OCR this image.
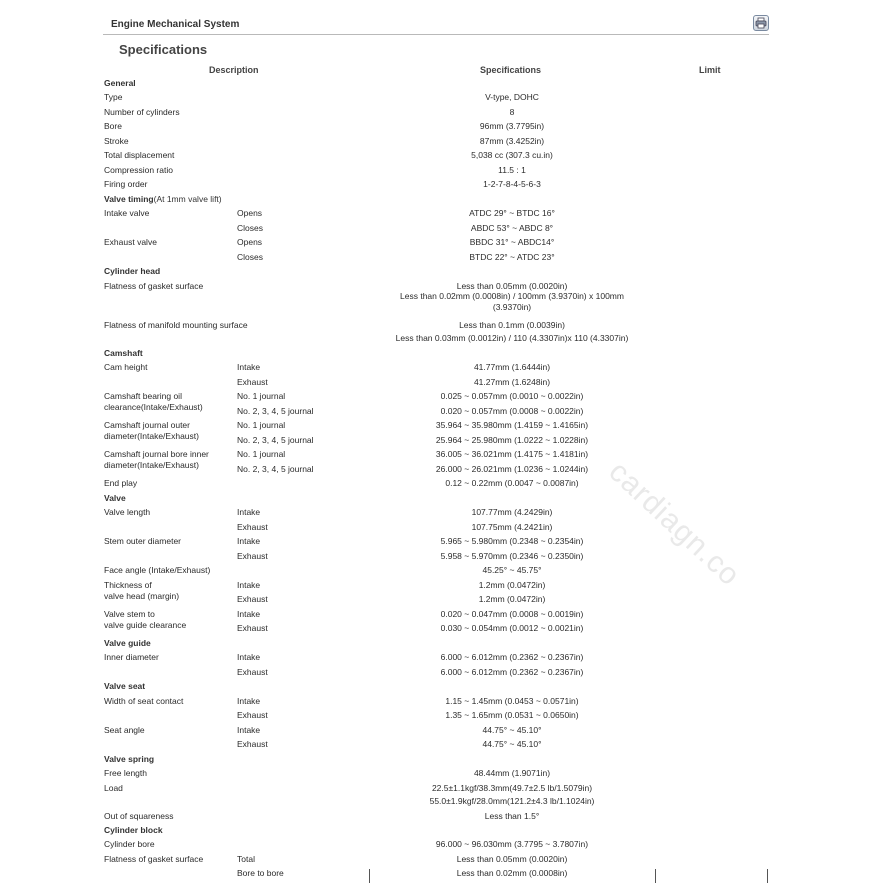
Engine Mechanical System
Specifications
Description	Specifications	Limit
General
Type	V-type, DOHC
Number of cylinders	8
Bore	96mm (3.7795in)
Stroke	87mm (3.4252in)
Total displacement	5,038 cc (307.3 cu.in)
Compression ratio	11.5 : 1
Firing order	1-2-7-8-4-5-6-3
Valve timing(At 1mm valve lift)
Intake valve	Opens	ATDC 29° ~ BTDC 16°
Closes	ABDC 53° ~ ABDC 8°
Exhaust valve	Opens	BBDC 31° ~ ABDC14°
Closes	BTDC 22° ~ ATDC 23°
Cylinder head
Flatness of gasket surface	Less than 0.05mm (0.0020in)
Less than 0.02mm (0.0008in) / 100mm (3.9370in) x 100mm
(3.9370in)
Flatness of manifold mounting surface	Less than 0.1mm (0.0039in)
Less than 0.03mm (0.0012in) / 110 (4.3307in)x 110 (4.3307in)
Camshaft
Cam height	Intake	41.77mm (1.6444in)
Exhaust	41.27mm (1.6248in)
Camshaft bearing oil
clearance(Intake/Exhaust)
No. 1 journal	0.025 ~ 0.057mm (0.0010 ~ 0.0022in)
No. 2, 3, 4, 5 journal	0.020 ~ 0.057mm (0.0008 ~ 0.0022in)
Camshaft journal outer
diameter(Intake/Exhaust)
No. 1 journal	35.964 ~ 35.980mm (1.4159 ~ 1.4165in)
No. 2, 3, 4, 5 journal	25.964 ~ 25.980mm (1.0222 ~ 1.0228in)
Camshaft journal bore inner
diameter(Intake/Exhaust)
No. 1 journal	36.005 ~ 36.021mm (1.4175 ~ 1.4181in)
No. 2, 3, 4, 5 journal	26.000 ~ 26.021mm (1.0236 ~ 1.0244in)
End play	0.12 ~ 0.22mm (0.0047 ~ 0.0087in)
Valve
Valve length	Intake	107.77mm (4.2429in)
Exhaust	107.75mm (4.2421in)
Stem outer diameter	Intake	5.965 ~ 5.980mm (0.2348 ~ 0.2354in)
Exhaust	5.958 ~ 5.970mm (0.2346 ~ 0.2350in)
Face angle (Intake/Exhaust)	45.25° ~ 45.75°
Thickness of
valve head (margin)
Intake	1.2mm (0.0472in)
Exhaust	1.2mm (0.0472in)
Valve stem to
valve guide clearance
Intake	0.020 ~ 0.047mm (0.0008 ~ 0.0019in)
Exhaust	0.030 ~ 0.054mm (0.0012 ~ 0.0021in)
Valve guide
Inner diameter	Intake	6.000 ~ 6.012mm (0.2362 ~ 0.2367in)
Exhaust	6.000 ~ 6.012mm (0.2362 ~ 0.2367in)
Valve seat
Width of seat contact	Intake	1.15 ~ 1.45mm (0.0453 ~ 0.0571in)
Exhaust	1.35 ~ 1.65mm (0.0531 ~ 0.0650in)
Seat angle	Intake	44.75° ~ 45.10°
Exhaust	44.75° ~ 45.10°
Valve spring
Free length	48.44mm (1.9071in)
Load	22.5±1.1kgf/38.3mm(49.7±2.5 lb/1.5079in)
55.0±1.9kgf/28.0mm(121.2±4.3 lb/1.1024in)
Out of squareness	Less than 1.5°
Cylinder block
Cylinder bore	96.000 ~ 96.030mm (3.7795 ~ 3.7807in)
Flatness of gasket surface	Total	Less than 0.05mm (0.0020in)
Bore to bore	Less than 0.02mm (0.0008in)
cardiagn.co
